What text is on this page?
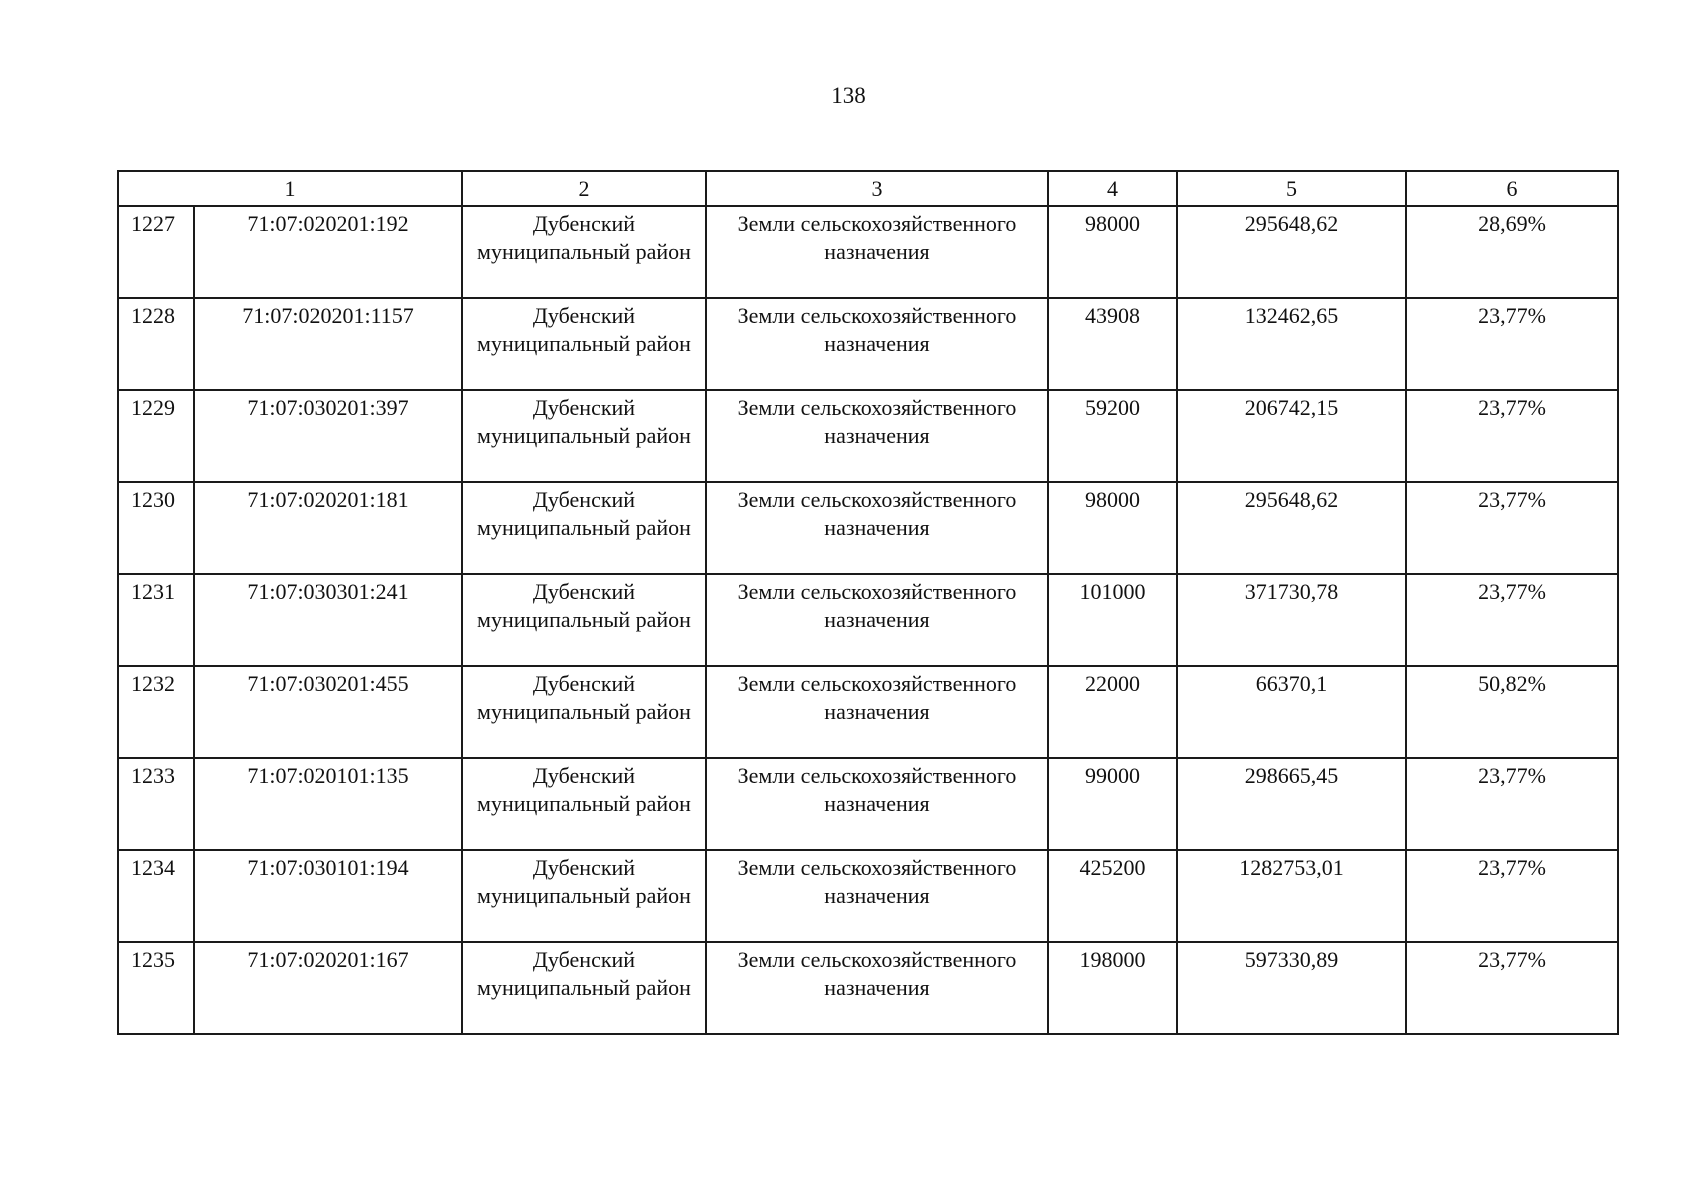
138
1		2	3	4	5	6
1227	71:07:020201:192	Дубенский муниципальный район	Земли сельскохозяйственного назначения	98000	295648,62	28,69%
1228	71:07:020201:1157	Дубенский муниципальный район	Земли сельскохозяйственного назначения	43908	132462,65	23,77%
1229	71:07:030201:397	Дубенский муниципальный район	Земли сельскохозяйственного назначения	59200	206742,15	23,77%
1230	71:07:020201:181	Дубенский муниципальный район	Земли сельскохозяйственного назначения	98000	295648,62	23,77%
1231	71:07:030301:241	Дубенский муниципальный район	Земли сельскохозяйственного назначения	101000	371730,78	23,77%
1232	71:07:030201:455	Дубенский муниципальный район	Земли сельскохозяйственного назначения	22000	66370,1	50,82%
1233	71:07:020101:135	Дубенский муниципальный район	Земли сельскохозяйственного назначения	99000	298665,45	23,77%
1234	71:07:030101:194	Дубенский муниципальный район	Земли сельскохозяйственного назначения	425200	1282753,01	23,77%
1235	71:07:020201:167	Дубенский муниципальный район	Земли сельскохозяйственного назначения	198000	597330,89	23,77%
